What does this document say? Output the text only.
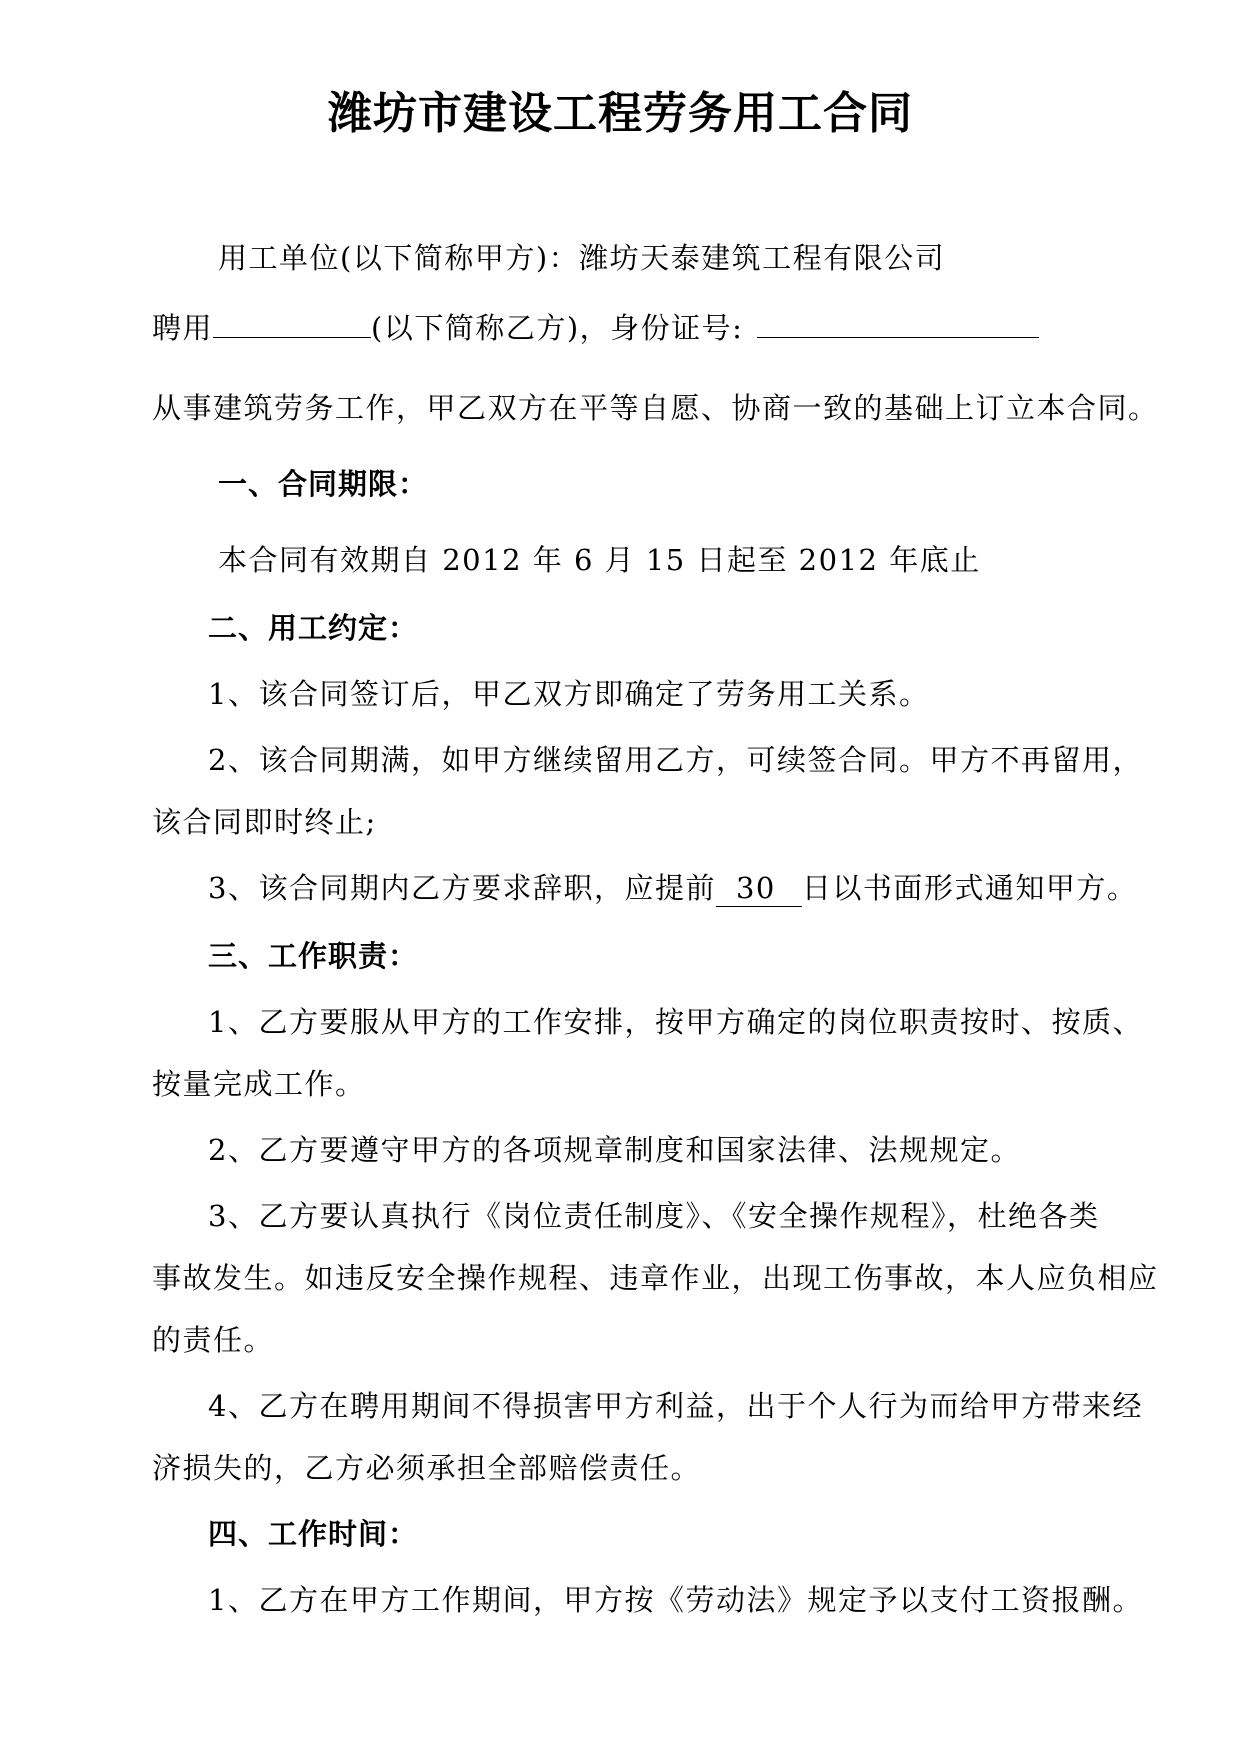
潍坊市建设工程劳务用工合同
用工单位(以下简称甲方)：潍坊天泰建筑工程有限公司
聘用	(以下简称乙方)，身份证号:
从事建筑劳务工作，甲乙双方在平等自愿、协商一致的基础上订立本合同。
一、合同期限：
本合同有效期自 2012 年 6 月 15 日起至 2012 年底止
二、用工约定：
1、该合同签订后，甲乙双方即确定了劳务用工关系。
2、该合同期满，如甲方继续留用乙方，可续签合同。甲方不再留用，
该合同即时终止;
3、该合同期内乙方要求辞职，应提前 30 日以书面形式通知甲方。
三、工作职责：
1、乙方要服从甲方的工作安排，按甲方确定的岗位职责按时、按质、
按量完成工作。
2、乙方要遵守甲方的各项规章制度和国家法律、法规规定。
3、乙方要认真执行《岗位责任制度》、《安全操作规程》，杜绝各类
事故发生。如违反安全操作规程、违章作业，出现工伤事故，本人应负相应
的责任。
4、乙方在聘用期间不得损害甲方利益，出于个人行为而给甲方带来经
济损失的，乙方必须承担全部赔偿责任。
四、工作时间：
1、乙方在甲方工作期间，甲方按《劳动法》规定予以支付工资报酬。
